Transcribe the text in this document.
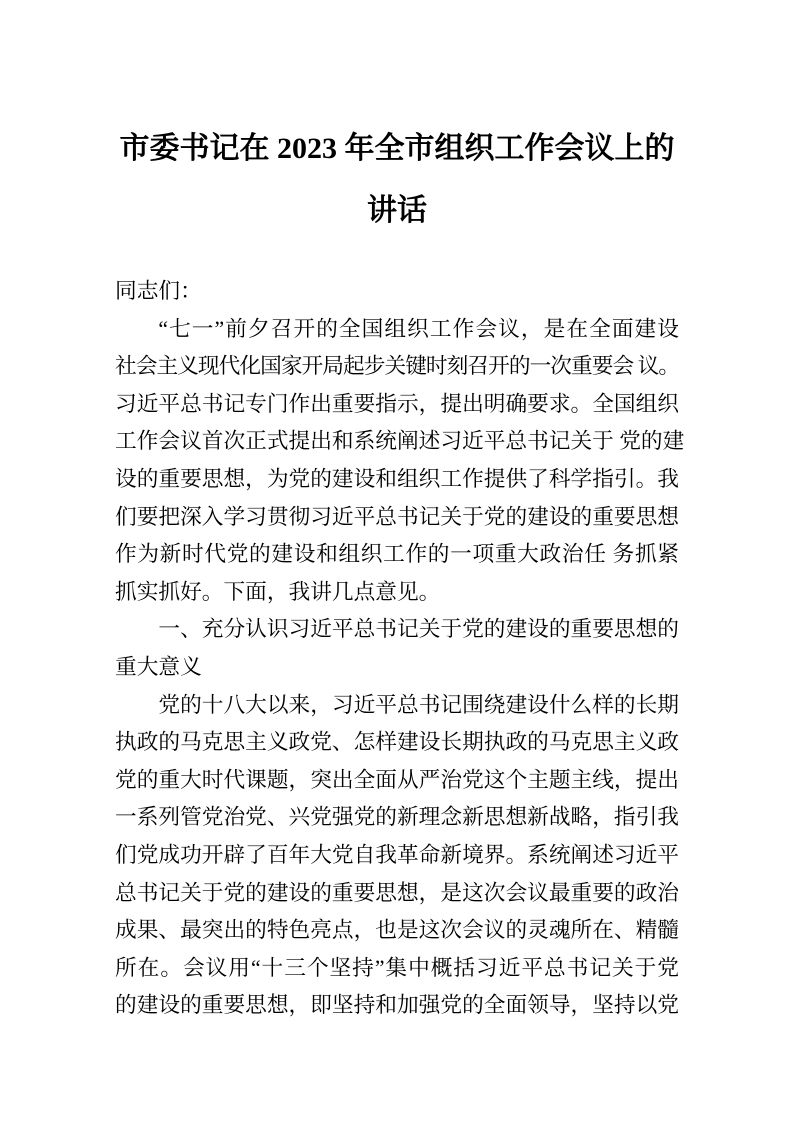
市委书记在 2023 年全市组织工作会议上的
讲话
同志们：
“七一”前夕召开的全国组织工作会议，是在全面建设
社会主义现代化国家开局起步关键时刻召开的一次重要会 议。
习近平总书记专门作出重要指示，提出明确要求。全国组织
工作会议首次正式提出和系统阐述习近平总书记关于 党的建
设的重要思想，为党的建设和组织工作提供了科学指引。我
们要把深入学习贯彻习近平总书记关于党的建设的重要思想
作为新时代党的建设和组织工作的一项重大政治任 务抓紧
抓实抓好。下面，我讲几点意见。
一、充分认识习近平总书记关于党的建设的重要思想的
重大意义
党的十八大以来，习近平总书记围绕建设什么样的长期
执政的马克思主义政党、怎样建设长期执政的马克思主义政
党的重大时代课题，突出全面从严治党这个主题主线，提出
一系列管党治党、兴党强党的新理念新思想新战略，指引我
们党成功开辟了百年大党自我革命新境界。系统阐述习近平
总书记关于党的建设的重要思想，是这次会议最重要的政治
成果、最突出的特色亮点，也是这次会议的灵魂所在、精髓
所在。会议用“十三个坚持”集中概括习近平总书记关于党
的建设的重要思想，即坚持和加强党的全面领导，坚持以党
